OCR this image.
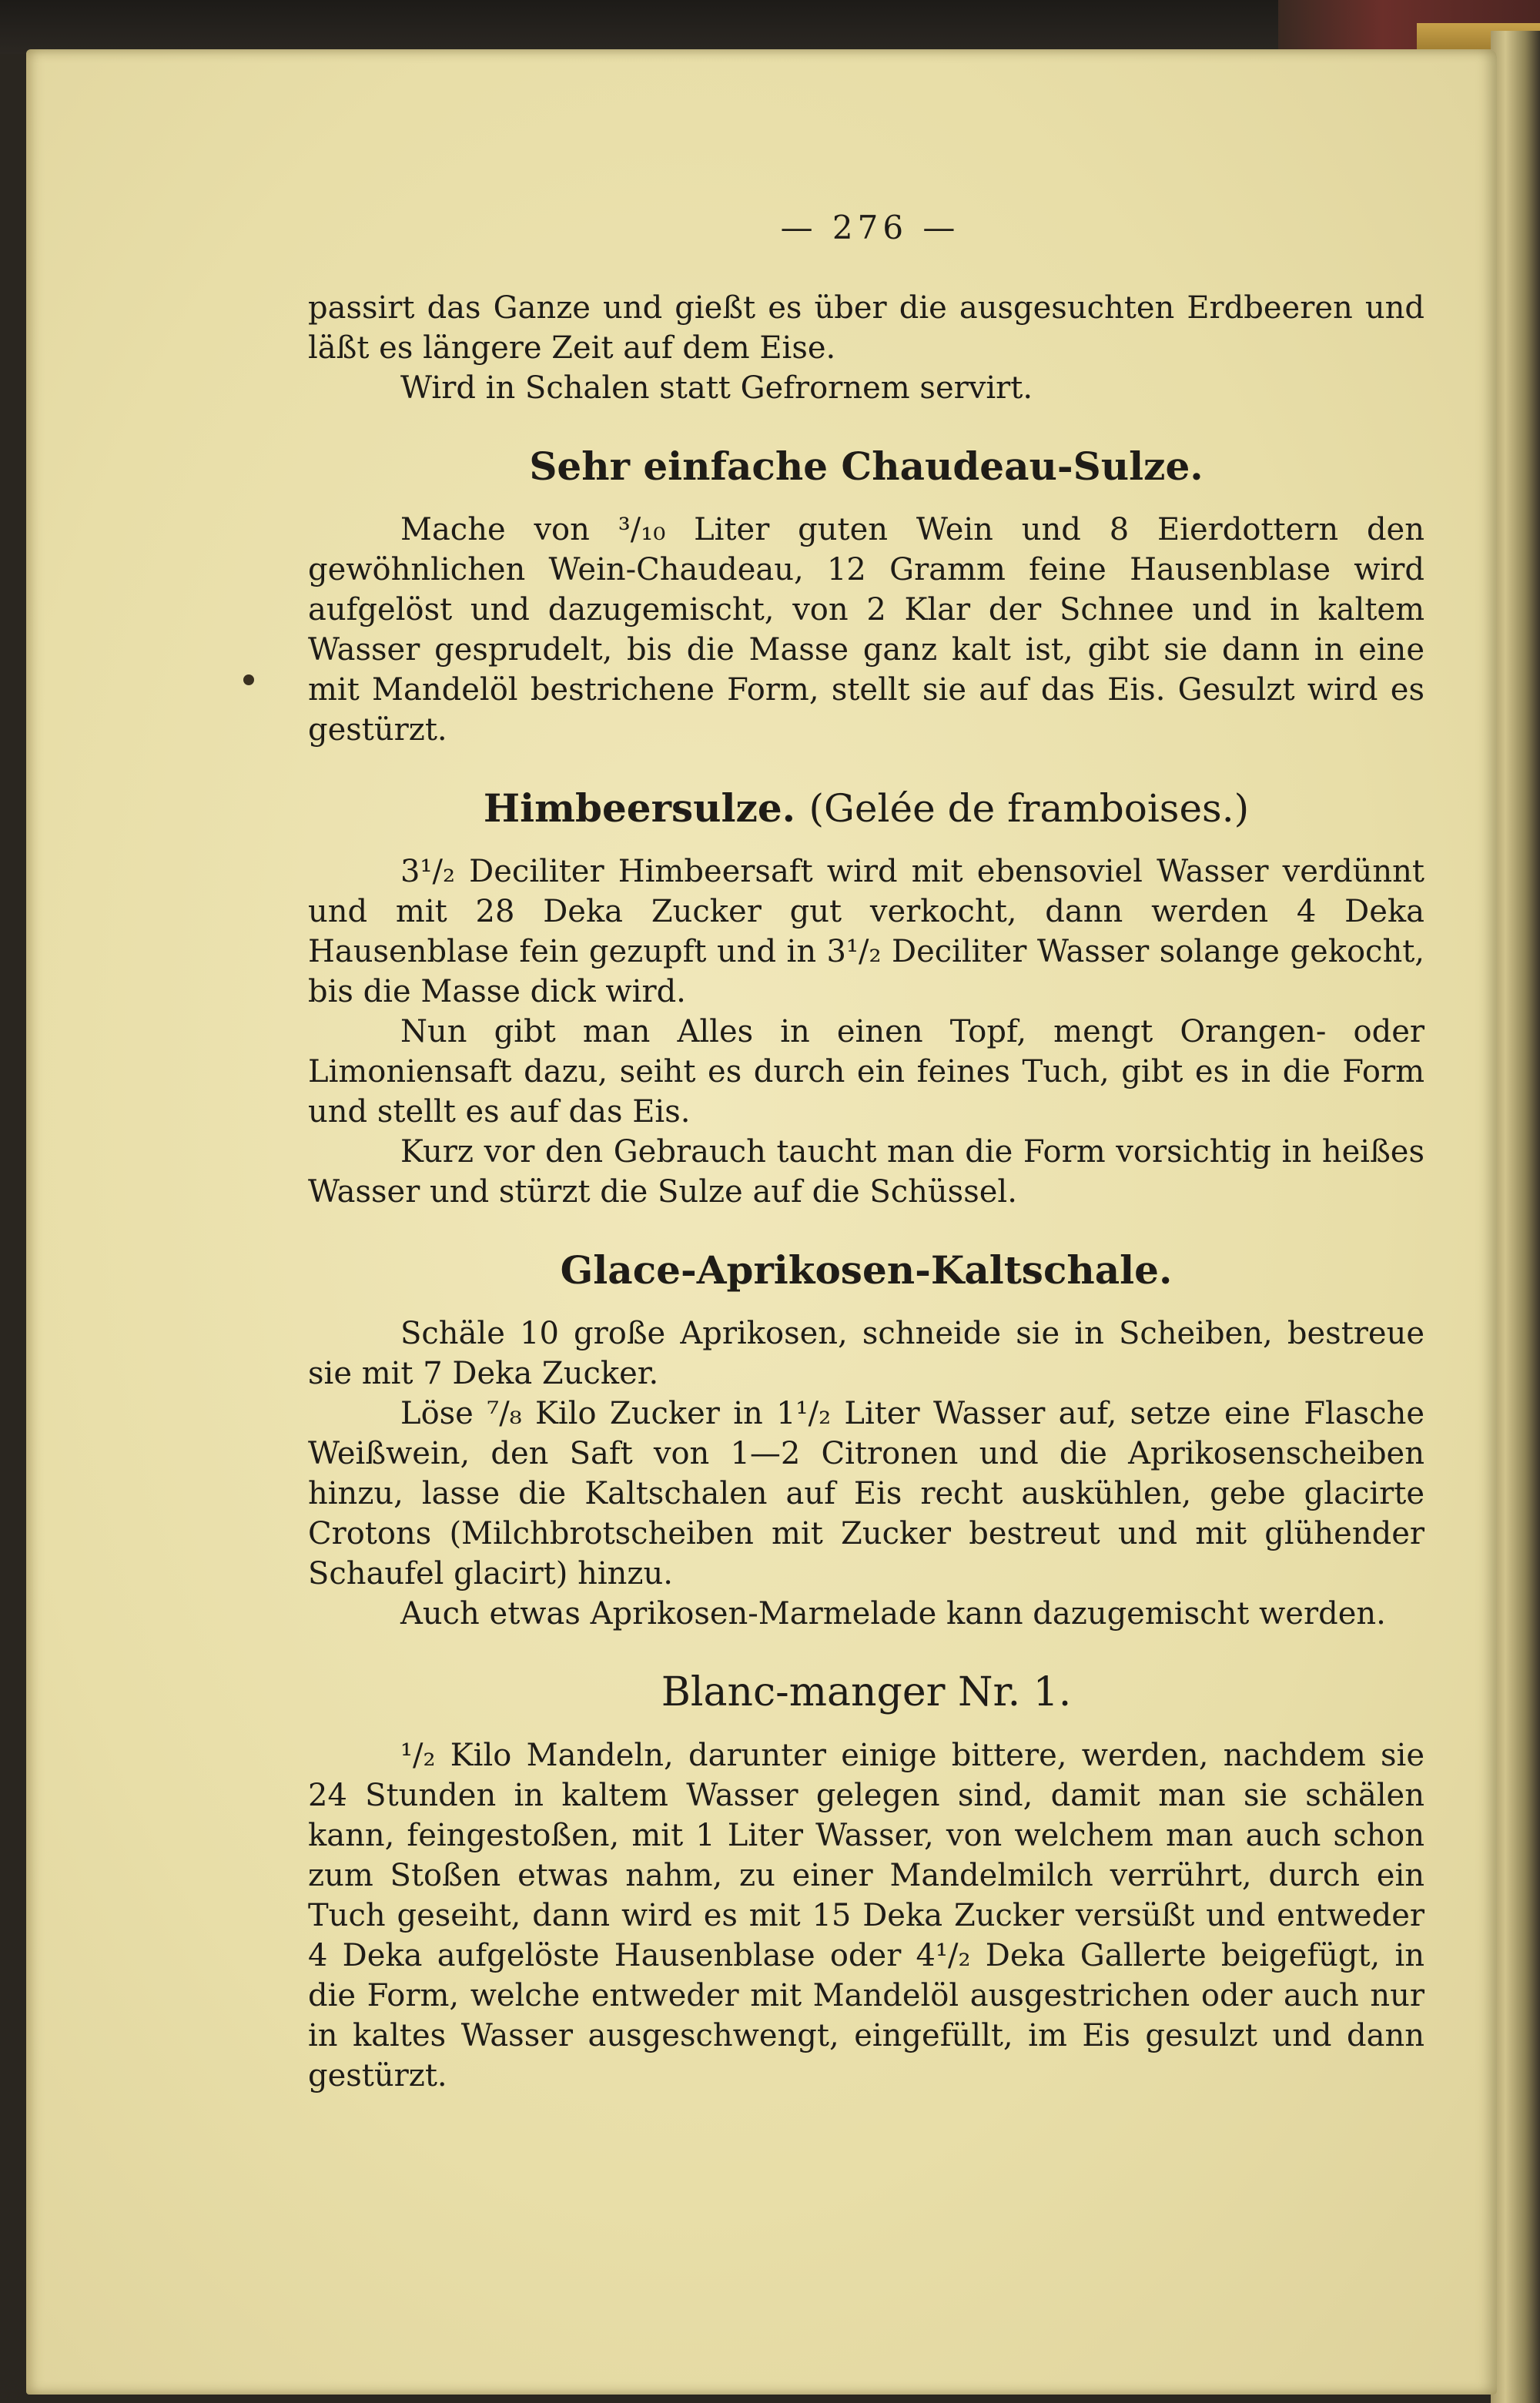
— 276 —

passirt das Ganze und gießt es über die ausgesuchten Erdbeeren und läßt es längere Zeit auf dem Eise.

Wird in Schalen statt Gefrornem servirt.

Sehr einfache Chaudeau-Sulze.

Mache von ³/₁₀ Liter guten Wein und 8 Eierdottern den gewöhnlichen Wein-Chaudeau, 12 Gramm feine Hausenblase wird aufgelöst und dazugemischt, von 2 Klar der Schnee und in kaltem Wasser gesprudelt, bis die Masse ganz kalt ist, gibt sie dann in eine mit Mandelöl bestrichene Form, stellt sie auf das Eis. Gesulzt wird es gestürzt.

Himbeersulze. (Gelée de framboises.)

3¹/₂ Deciliter Himbeersaft wird mit ebensoviel Wasser verdünnt und mit 28 Deka Zucker gut verkocht, dann werden 4 Deka Hausenblase fein gezupft und in 3¹/₂ Deciliter Wasser solange gekocht, bis die Masse dick wird.

Nun gibt man Alles in einen Topf, mengt Orangen- oder Limoniensaft dazu, seiht es durch ein feines Tuch, gibt es in die Form und stellt es auf das Eis.

Kurz vor den Gebrauch taucht man die Form vorsichtig in heißes Wasser und stürzt die Sulze auf die Schüssel.

Glace-Aprikosen-Kaltschale.

Schäle 10 große Aprikosen, schneide sie in Scheiben, bestreue sie mit 7 Deka Zucker.

Löse ⁷/₈ Kilo Zucker in 1¹/₂ Liter Wasser auf, setze eine Flasche Weißwein, den Saft von 1—2 Citronen und die Aprikosenscheiben hinzu, lasse die Kaltschalen auf Eis recht auskühlen, gebe glacirte Crotons (Milchbrotscheiben mit Zucker bestreut und mit glühender Schaufel glacirt) hinzu.

Auch etwas Aprikosen-Marmelade kann dazugemischt werden.

Blanc-manger Nr. 1.

¹/₂ Kilo Mandeln, darunter einige bittere, werden, nachdem sie 24 Stunden in kaltem Wasser gelegen sind, damit man sie schälen kann, feingestoßen, mit 1 Liter Wasser, von welchem man auch schon zum Stoßen etwas nahm, zu einer Mandelmilch verrührt, durch ein Tuch geseiht, dann wird es mit 15 Deka Zucker versüßt und entweder 4 Deka aufgelöste Hausenblase oder 4¹/₂ Deka Gallerte beigefügt, in die Form, welche entweder mit Mandelöl ausgestrichen oder auch nur in kaltes Wasser ausgeschwengt, eingefüllt, im Eis gesulzt und dann gestürzt.
